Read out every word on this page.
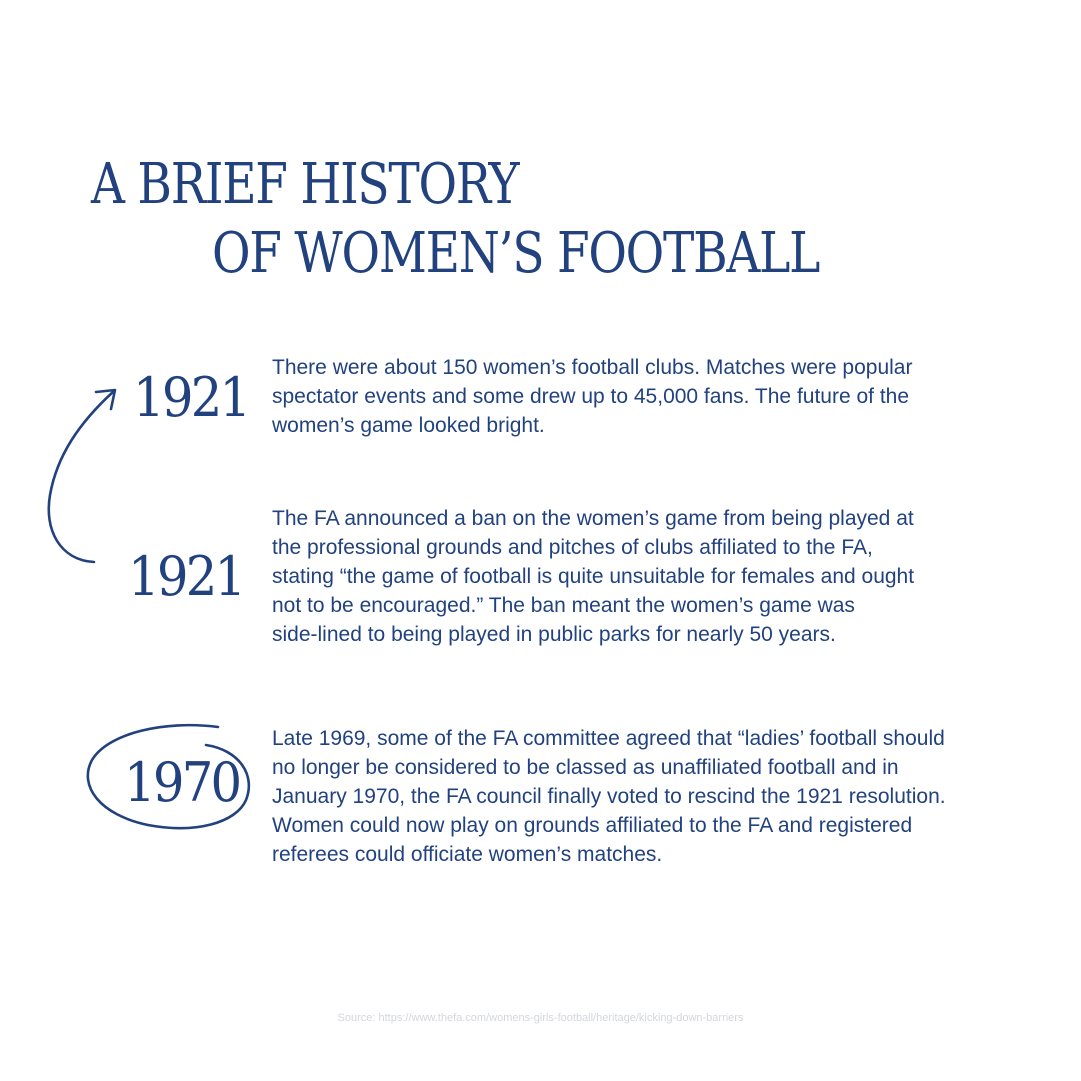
A BRIEF HISTORY
OF WOMEN’S FOOTBALL
1921 There were about 150 women’s football clubs. Matches were popular
spectator events and some drew up to 45,000 fans. The future of the
women’s game looked bright.

1921

The FA announced a ban on the women’s game from being played at
the professional grounds and pitches of clubs affiliated to the FA,
stating “the game of football is quite unsuitable for females and ought
not to be encouraged.” The ban meant the women’s game was
side-lined to being played in public parks for nearly 50 years.

1970

Late 1969, some of the FA committee agreed that “ladies’ football should
no longer be considered to be classed as unaffiliated football and in
January 1970, the FA council finally voted to rescind the 1921 resolution.
Women could now play on grounds affiliated to the FA and registered
referees could officiate women’s matches.

Source: https://www.thefa.com/womens-girls-football/heritage/kicking-down-barriers
